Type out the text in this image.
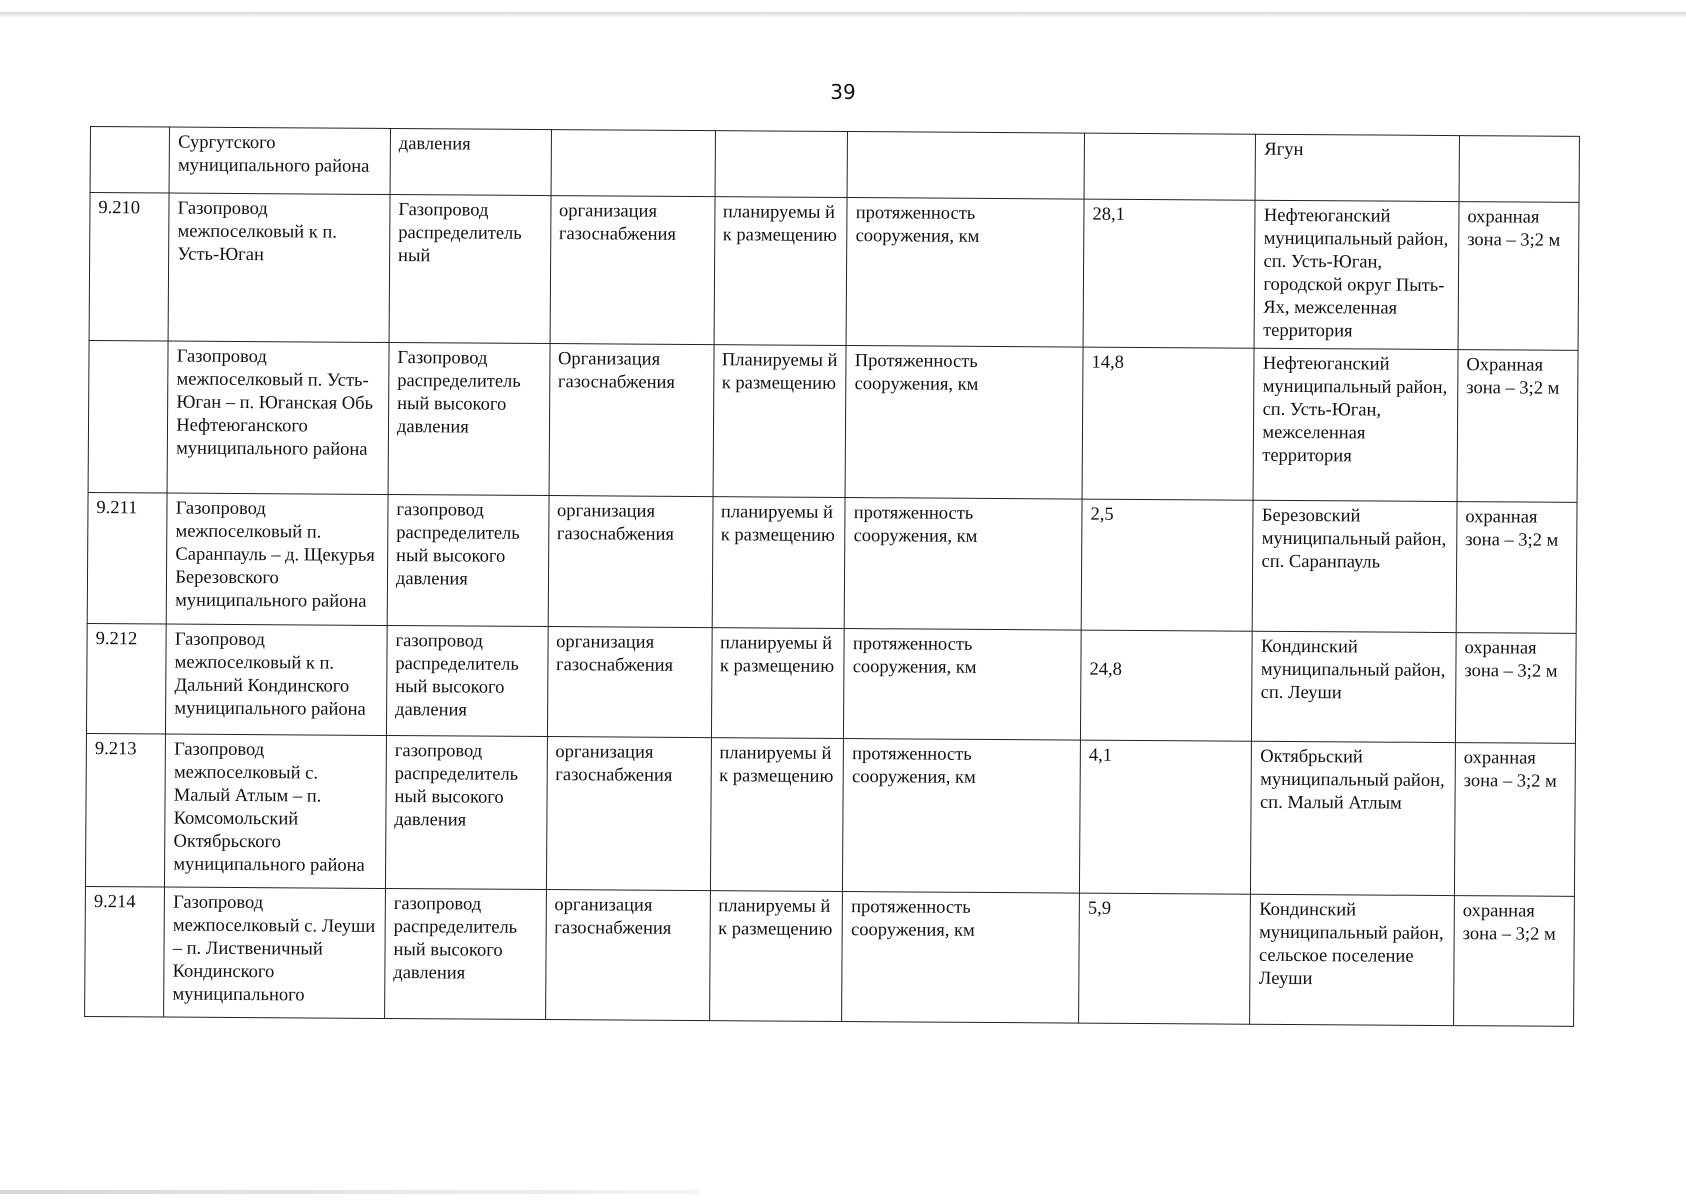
39
	Сургутского муниципального района	давления					Ягун	
9.210	Газопровод межпоселковый к п. Усть-Юган	Газопровод распределитель ный	организация газоснабжения	планируемы й к размещению	протяженность сооружения, км	28,1	Нефтеюганский муниципальный район, сп. Усть-Юган, городской округ Пыть-Ях, межселенная территория	охранная зона – 3;2 м
	Газопровод межпоселковый п. Усть-Юган – п. Юганская Обь Нефтеюганского муниципального района	Газопровод распределитель ный высокого давления	Организация газоснабжения	Планируемы й к размещению	Протяженность сооружения, км	14,8	Нефтеюганский муниципальный район, сп. Усть-Юган, межселенная территория	Охранная зона – 3;2 м
9.211	Газопровод межпоселковый п. Саранпауль – д. Щекурья Березовского муниципального района	газопровод распределитель ный высокого давления	организация газоснабжения	планируемы й к размещению	протяженность сооружения, км	2,5	Березовский муниципальный район, сп. Саранпауль	охранная зона – 3;2 м
9.212	Газопровод межпоселковый к п. Дальний Кондинского муниципального района	газопровод распределитель ный высокого давления	организация газоснабжения	планируемы й к размещению	протяженность сооружения, км	24,8	Кондинский муниципальный район, сп. Леуши	охранная зона – 3;2 м
9.213	Газопровод межпоселковый с. Малый Атлым – п. Комсомольский Октябрьского муниципального района	газопровод распределитель ный высокого давления	организация газоснабжения	планируемы й к размещению	протяженность сооружения, км	4,1	Октябрьский муниципальный район, сп. Малый Атлым	охранная зона – 3;2 м
9.214	Газопровод межпоселковый с. Леуши – п. Лиственичный Кондинского муниципального	газопровод распределитель ный высокого давления	организация газоснабжения	планируемы й к размещению	протяженность сооружения, км	5,9	Кондинский муниципальный район, сельское поселение Леуши	охранная зона – 3;2 м
